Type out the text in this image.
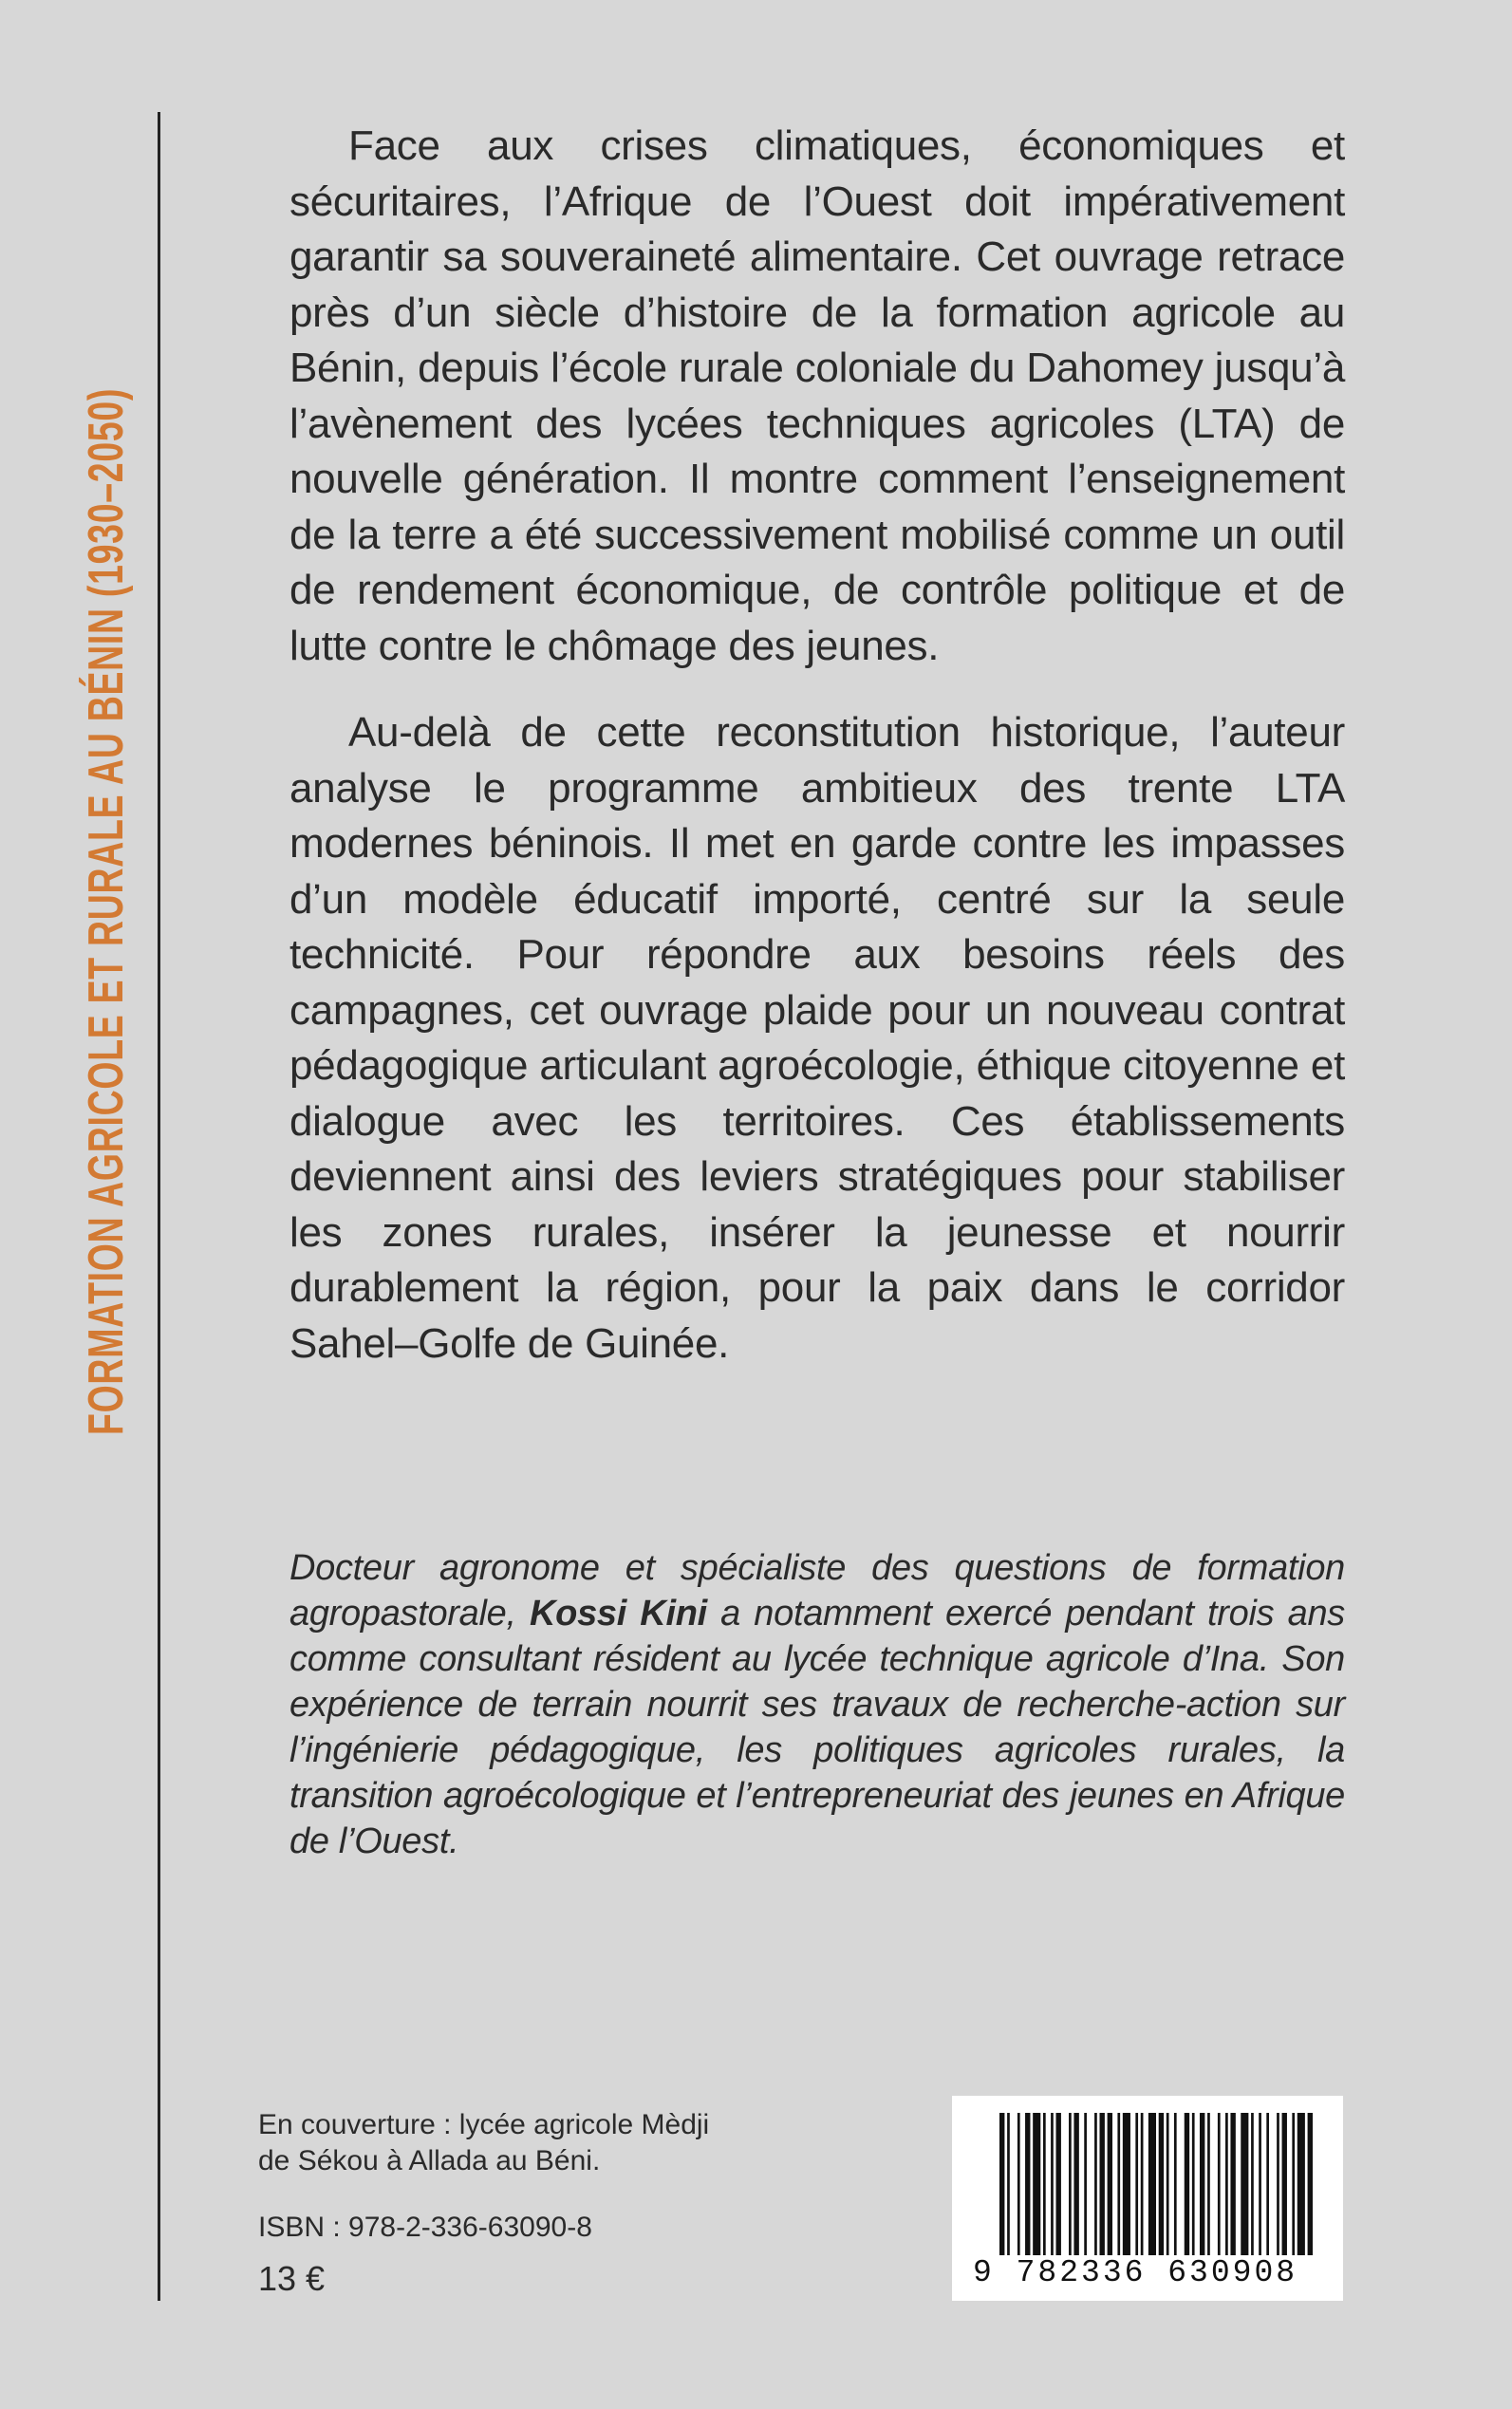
FORMATION AGRICOLE ET RURALE AU BÉNIN (1930–2050)

Face aux crises climatiques, économiques et sécuritaires, l’Afrique de l’Ouest doit impérativement garantir sa souveraineté alimentaire. Cet ouvrage retrace près d’un siècle d’histoire de la formation agricole au Bénin, depuis l’école rurale coloniale du Dahomey jusqu’à l’avènement des lycées techniques agricoles (LTA) de nouvelle génération. Il montre comment l’enseignement de la terre a été successivement mobilisé comme un outil de rendement économique, de contrôle politique et de lutte contre le chômage des jeunes.

Au-delà de cette reconstitution historique, l’auteur analyse le programme ambitieux des trente LTA modernes béninois. Il met en garde contre les impasses d’un modèle éducatif importé, centré sur la seule technicité. Pour répondre aux besoins réels des campagnes, cet ouvrage plaide pour un nouveau contrat pédagogique articulant agroécologie, éthique citoyenne et dialogue avec les territoires. Ces établissements deviennent ainsi des leviers stratégiques pour stabiliser les zones rurales, insérer la jeunesse et nourrir durablement la région, pour la paix dans le corridor Sahel–Golfe de Guinée.

Docteur agronome et spécialiste des questions de formation agropastorale, Kossi Kini a notamment exercé pendant trois ans comme consultant résident au lycée technique agricole d’Ina. Son expérience de terrain nourrit ses travaux de recherche-action sur l’ingénierie pédagogique, les politiques agricoles rurales, la transition agroécologique et l’entrepreneuriat des jeunes en Afrique de l’Ouest.
En couverture : lycée agricole Mèdji
de Sékou à Allada au Béni.
ISBN : 978-2-336-63090-8
13 €	9 782336 630908
